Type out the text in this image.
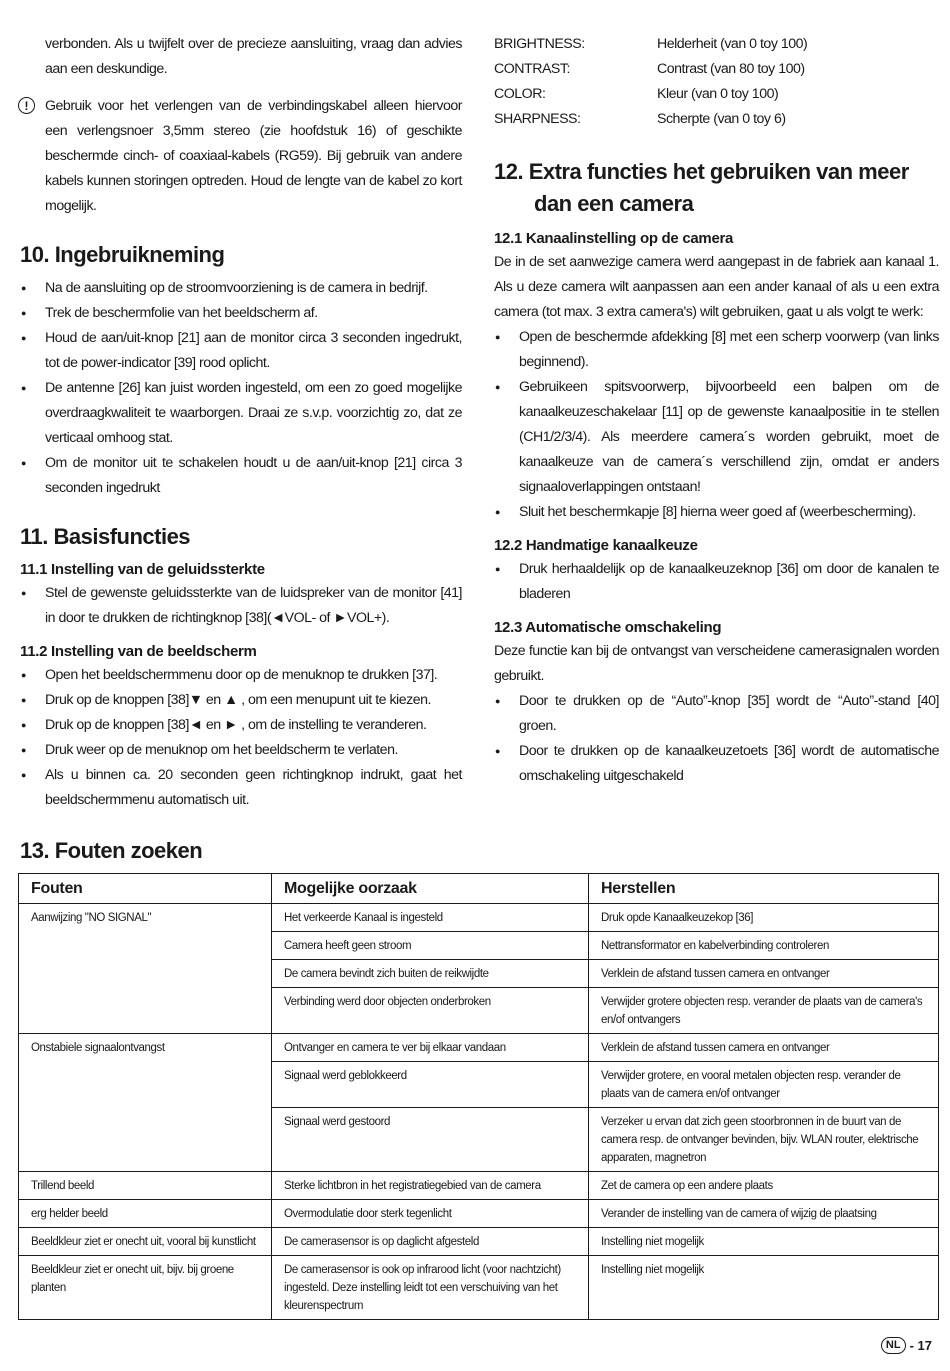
verbonden. Als u twijfelt over de precieze aansluiting, vraag dan advies aan een deskundige.

!	Gebruik voor het verlengen van de verbindingskabel alleen hiervoor een verlengsnoer 3,5mm stereo (zie hoofdstuk 16) of geschikte beschermde cinch- of coaxiaal-kabels (RG59). Bij gebruik van andere kabels kunnen storingen optreden. Houd de lengte van de kabel zo kort mogelijk.

10. Ingebruikneming
● Na de aansluiting op de stroomvoorziening is de camera in bedrijf.
● Trek de beschermfolie van het beeldscherm af.
● Houd de aan/uit-knop [21] aan de monitor circa 3 seconden ingedrukt, tot de power-indicator [39] rood oplicht.
● De antenne [26] kan juist worden ingesteld, om een zo goed mogelijke overdraagkwaliteit te waarborgen. Draai ze s.v.p. voorzichtig zo, dat ze verticaal omhoog stat.
● Om de monitor uit te schakelen houdt u de aan/uit-knop [21] circa 3 seconden ingedrukt
11. Basisfuncties
11.1 Instelling van de geluidssterkte
● Stel de gewenste geluidssterkte van de luidspreker van de monitor [41] in door te drukken de richtingknop [38](◄VOL- of ►VOL+).
11.2 Instelling van de beeldscherm
● Open het beeldschermmenu door op de menuknop te drukken [37].
● Druk op de knoppen [38]▼ en ▲ , om een menupunt uit te kiezen.
● Druk op de knoppen [38]◄ en ► , om de instelling te veranderen.
● Druk weer op de menuknop om het beeldscherm te verlaten.
● Als u binnen ca. 20 seconden geen richtingknop indrukt, gaat het beeldschermmenu automatisch uit.
BRIGHTNESS:	Helderheit (van 0 toy 100)
CONTRAST:	Contrast (van 80 toy 100)
COLOR:	Kleur (van 0 toy 100)
SHARPNESS:	Scherpte (van 0 toy 6)
12. Extra functies het gebruiken van meer dan een camera
12.1 Kanaalinstelling op de camera

De in de set aanwezige camera werd aangepast in de fabriek aan kanaal 1. Als u deze camera wilt aanpassen aan een ander kanaal of als u een extra camera (tot max. 3 extra camera's) wilt gebruiken, gaat u als volgt te werk:

● Open de beschermde afdekking [8] met een scherp voorwerp (van links beginnend).
● Gebruikeen spitsvoorwerp, bijvoorbeeld een balpen om de kanaalkeuzeschakelaar [11] op de gewenste kanaalpositie in te stellen (CH1/2/3/4). Als meerdere camera´s worden gebruikt, moet de kanaalkeuze van de camera´s verschillend zijn, omdat er anders signaaloverlappingen ontstaan!
● Sluit het beschermkapje [8] hierna weer goed af (weerbescherming).
12.2 Handmatige kanaalkeuze
● Druk herhaaldelijk op de kanaalkeuzeknop [36] om door de kanalen te bladeren
12.3 Automatische omschakeling

Deze functie kan bij de ontvangst van verscheidene camerasignalen worden gebruikt.

● Door te drukken op de “Auto”-knop [35] wordt de “Auto”-stand [40] groen.
● Door te drukken op de kanaalkeuzetoets [36] wordt de automatische omschakeling uitgeschakeld
13. Fouten zoeken
Fouten	Mogelijke oorzaak	Herstellen
Aanwijzing "NO SIGNAL"	Het verkeerde Kanaal is ingesteld	Druk opde Kanaalkeuzekop [36]
	Camera heeft geen stroom	Nettransformator en kabelverbinding controleren
	De camera bevindt zich buiten de reikwijdte	Verklein de afstand tussen camera en ontvanger
	Verbinding werd door objecten onderbroken	Verwijder grotere objecten resp. verander de plaats van de camera's en/of ontvangers
Onstabiele signaalontvangst	Ontvanger en camera te ver bij elkaar vandaan	Verklein de afstand tussen camera en ontvanger
	Signaal werd geblokkeerd	Verwijder grotere, en vooral metalen objecten resp. verander de plaats van de camera en/of ontvanger
	Signaal werd gestoord	Verzeker u ervan dat zich geen stoorbronnen in de buurt van de camera resp. de ontvanger bevinden, bijv. WLAN router, elektrische apparaten, magnetron
Trillend beeld	Sterke lichtbron in het registratiegebied van de camera	Zet de camera op een andere plaats
erg helder beeld	Overmodulatie door sterk tegenlicht	Verander de instelling van de camera of wijzig de plaatsing
Beeldkleur ziet er onecht uit, vooral bij kunstlicht	De camerasensor is op daglicht afgesteld	Instelling niet mogelijk
Beeldkleur ziet er onecht uit, bijv. bij groene planten	De camerasensor is ook op infrarood licht (voor nachtzicht) ingesteld. Deze instelling leidt tot een verschuiving van het kleurenspectrum	Instelling niet mogelijk
NL - 17
